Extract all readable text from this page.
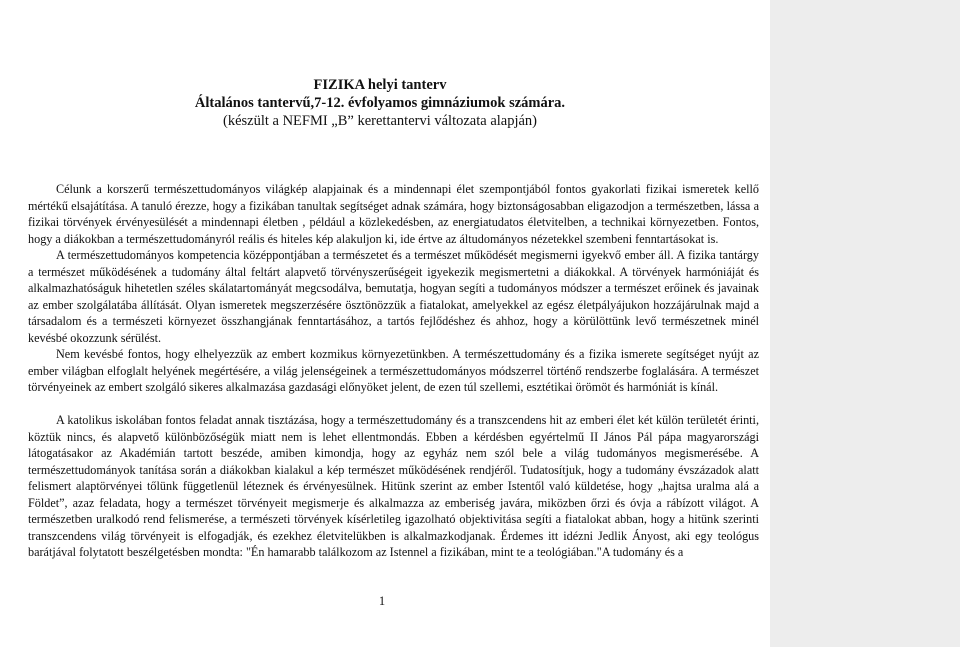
FIZIKA helyi tanterv
Általános tantervű,7-12. évfolyamos gimnáziumok számára.
(készült a NEFMI „B” kerettantervi változata alapján)

Célunk a korszerű természettudományos világkép alapjainak és a mindennapi élet szempontjából fontos gyakorlati fizikai ismeretek kellő mértékű elsajátítása. A tanuló érezze, hogy a fizikában tanultak segítséget adnak számára, hogy biztonságosabban eligazodjon a természetben, lássa a fizikai törvények érvényesülését a mindennapi életben , például a közlekedésben, az energiatudatos életvitelben, a technikai környezetben. Fontos, hogy a diákokban a természettudományról reális és hiteles kép alakuljon ki, ide értve az áltudományos nézetekkel szembeni fenntartásokat is.

A természettudományos kompetencia középpontjában a természetet és a természet működését megismerni igyekvő ember áll. A fizika tantárgy a természet működésének a tudomány által feltárt alapvető törvényszerűségeit igyekezik megismertetni a diákokkal. A törvények harmóniáját és alkalmazhatóságuk hihetetlen széles skálatartományát megcsodálva, bemutatja, hogyan segíti a tudományos módszer a természet erőinek és javainak az ember szolgálatába állítását. Olyan ismeretek megszerzésére ösztönözzük a fiatalokat, amelyekkel az egész életpályájukon hozzájárulnak majd a társadalom és a természeti környezet összhangjának fenntartásához, a tartós fejlődéshez és ahhoz, hogy a körülöttünk levő természetnek minél kevésbé okozzunk sérülést.

Nem kevésbé fontos, hogy elhelyezzük az embert kozmikus környezetünkben. A természettudomány és a fizika ismerete segítséget nyújt az ember világban elfoglalt helyének megértésére, a világ jelenségeinek a természettudományos módszerrel történő rendszerbe foglalására. A természet törvényeinek az embert szolgáló sikeres alkalmazása gazdasági előnyöket jelent, de ezen túl szellemi, esztétikai örömöt és harmóniát is kínál.

A katolikus iskolában fontos feladat annak tisztázása, hogy a természettudomány és a transzcendens hit az emberi élet két külön területét érinti, köztük nincs, és alapvető különbözőségük miatt nem is lehet ellentmondás. Ebben a kérdésben egyértelmű II János Pál pápa magyarországi látogatásakor az Akadémián tartott beszéde, amiben kimondja, hogy az egyház nem szól bele a világ tudományos megismerésébe. A természettudományok tanítása során a diákokban kialakul a kép természet működésének rendjéről. Tudatosítjuk, hogy a tudomány évszázadok alatt felismert alaptörvényei tőlünk függetlenül léteznek és érvényesülnek. Hitünk szerint az ember Istentől való küldetése, hogy „hajtsa uralma alá a Földet”, azaz feladata, hogy a természet törvényeit megismerje és alkalmazza az emberiség javára, miközben őrzi és óvja a rábízott világot. A természetben uralkodó rend felismerése, a természeti törvények kísérletileg igazolható objektivitása segíti a fiatalokat abban, hogy a hitünk szerinti transzcendens világ törvényeit is elfogadják, és ezekhez életvitelükben is alkalmazkodjanak. Érdemes itt idézni Jedlik Ányost, aki egy teológus barátjával folytatott beszélgetésben mondta: "Én hamarabb találkozom az Istennel a fizikában, mint te a teológiában."A tudomány és a

1
